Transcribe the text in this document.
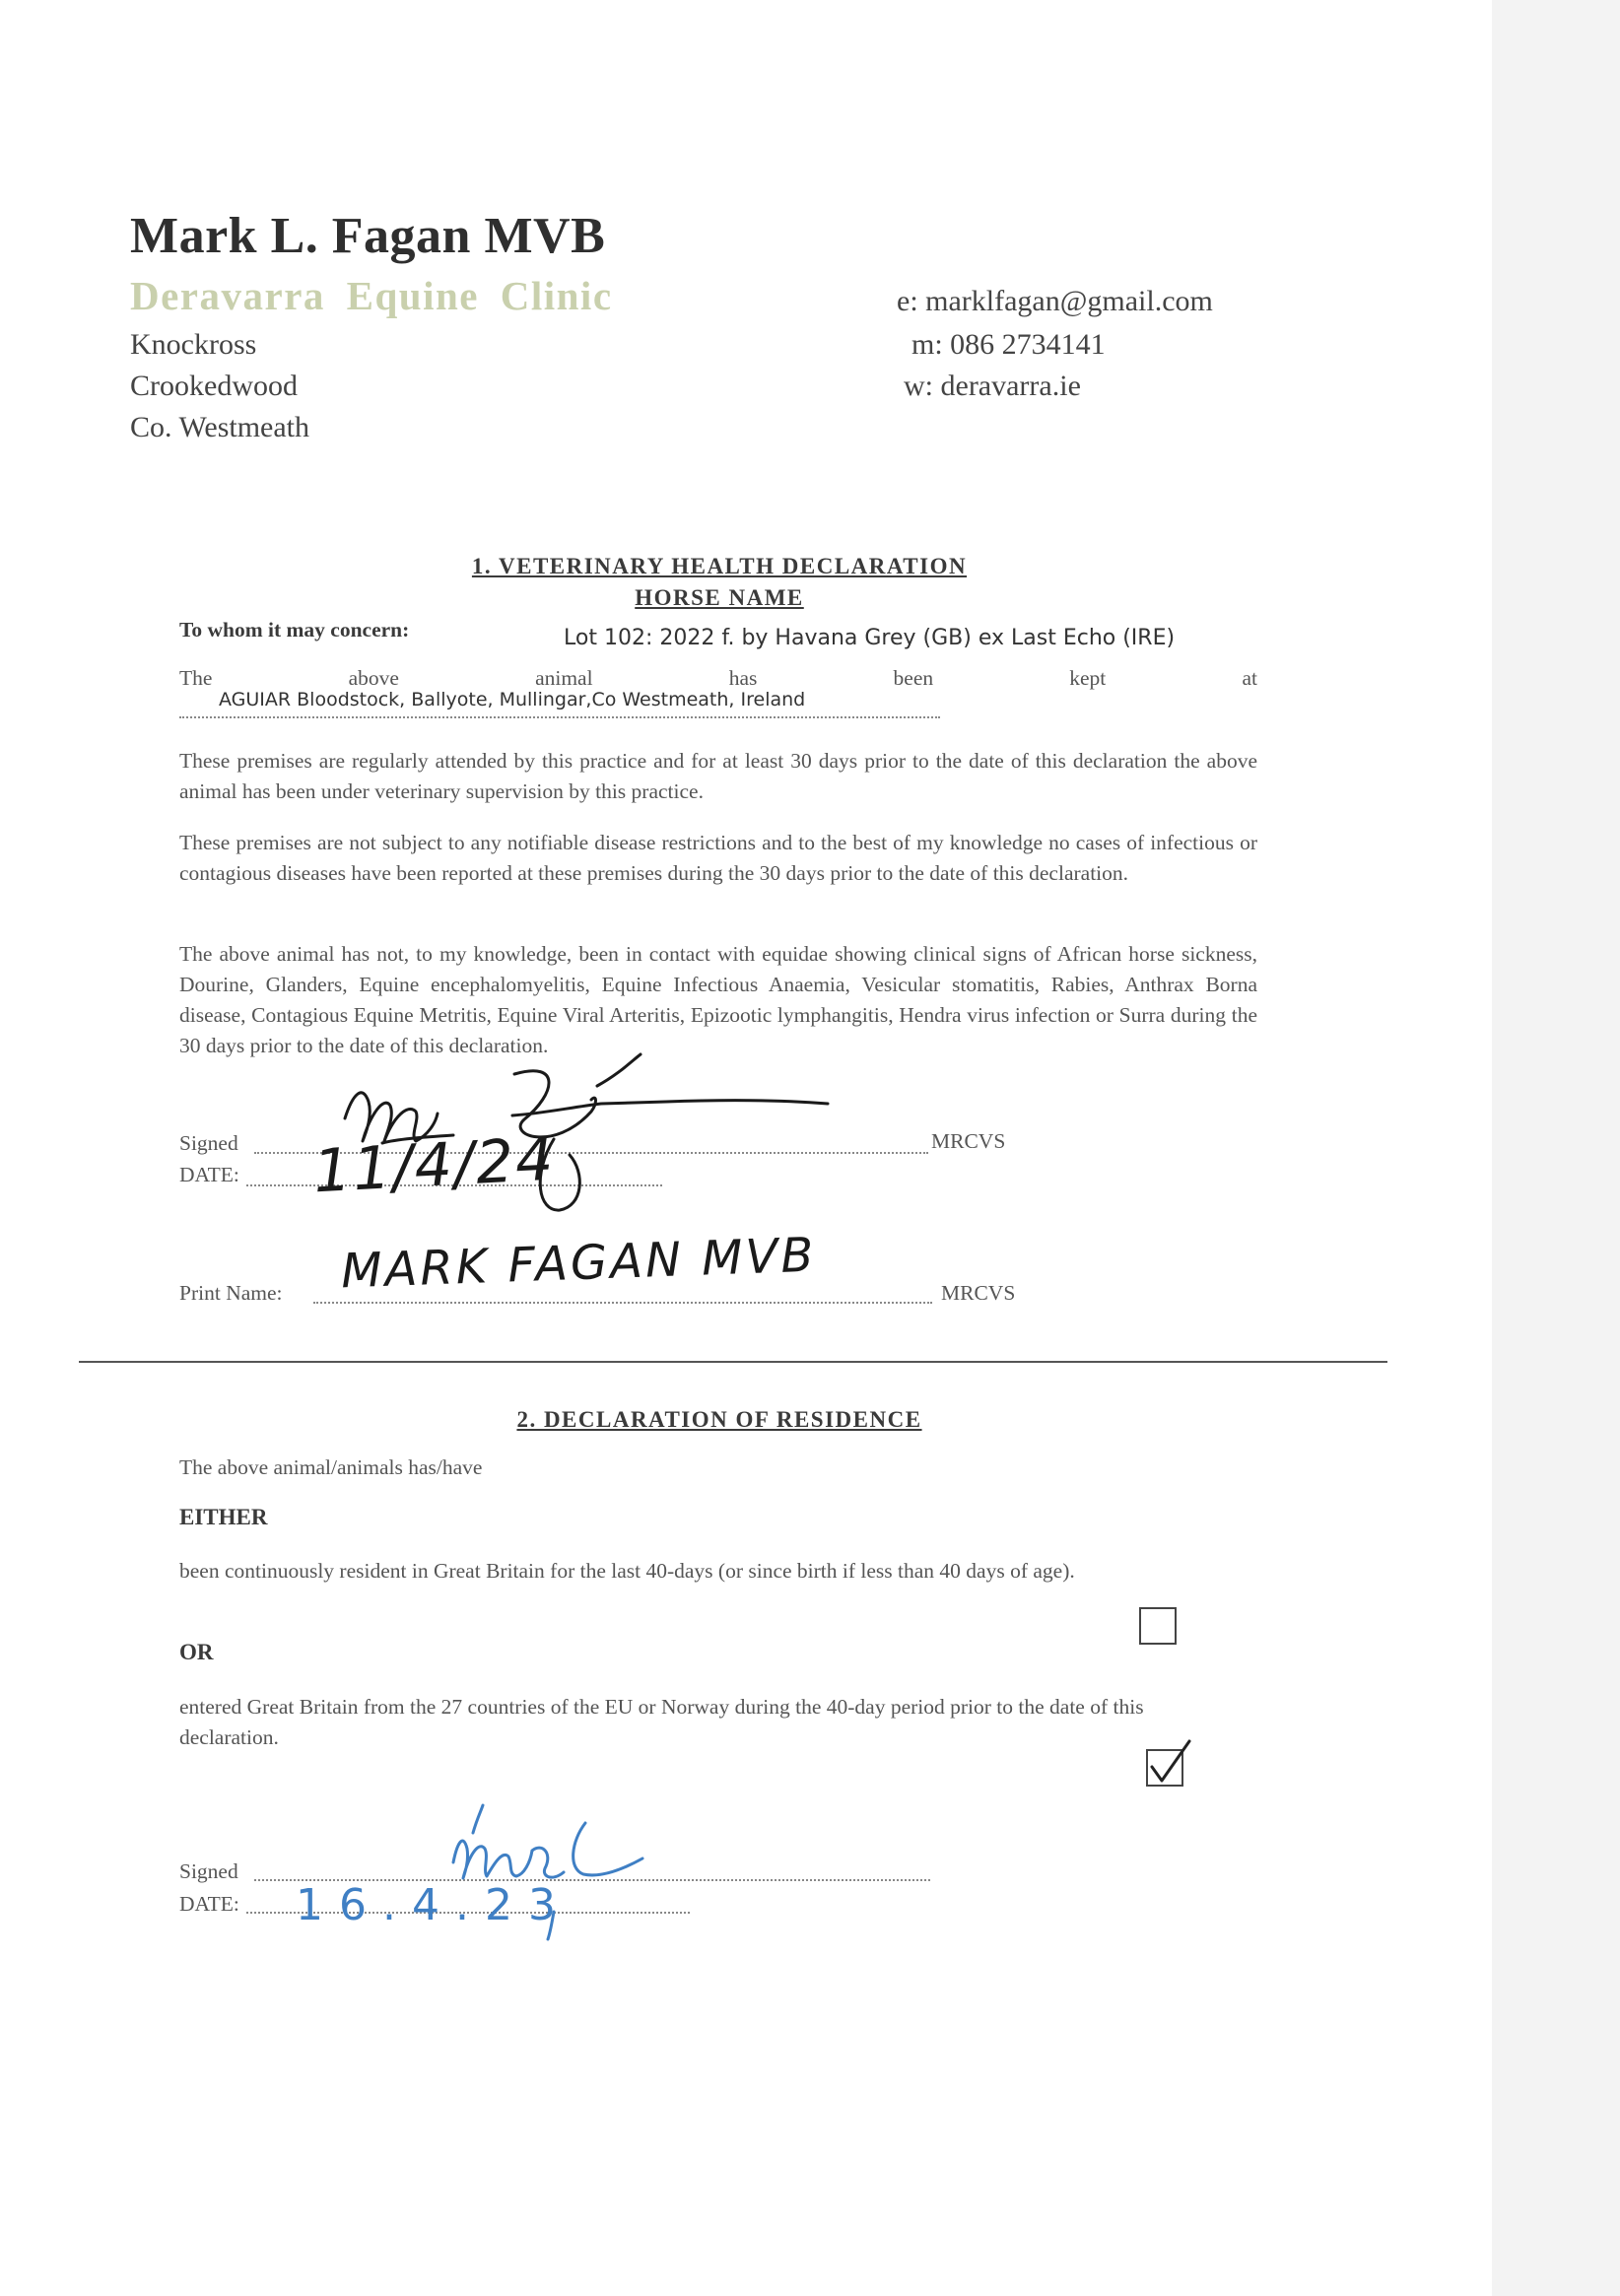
Mark L. Fagan MVB
Deravarra Equine Clinic
Knockross
Crookedwood
Co. Westmeath
e: marklfagan@gmail.com
m: 086 2734141
w: deravarra.ie
1. VETERINARY HEALTH DECLARATION
HORSE NAME
To whom it may concern:	Lot 102: 2022 f. by Havana Grey (GB) ex Last Echo (IRE)
The	above	animal	has	been	kept	at
AGUIAR Bloodstock, Ballyote, Mullingar,Co Westmeath, Ireland
These premises are regularly attended by this practice and for at least 30 days prior to the date of this declaration the above animal has been under veterinary supervision by this practice.
These premises are not subject to any notifiable disease restrictions and to the best of my knowledge no cases of infectious or contagious diseases have been reported at these premises during the 30 days prior to the date of this declaration.
The above animal has not, to my knowledge, been in contact with equidae showing clinical signs of African horse sickness, Dourine, Glanders, Equine encephalomyelitis, Equine Infectious Anaemia, Vesicular stomatitis, Rabies, Anthrax Borna disease, Contagious Equine Metritis, Equine Viral Arteritis, Epizootic lymphangitis, Hendra virus infection or Surra during the 30 days prior to the date of this declaration.
Signed	MRCVS
DATE: 11/4/24
Print Name: MARK FAGAN MVB	MRCVS
2. DECLARATION OF RESIDENCE
The above animal/animals has/have
EITHER
been continuously resident in Great Britain for the last 40-days (or since birth if less than 40 days of age).
OR
entered Great Britain from the 27 countries of the EU or Norway during the 40-day period prior to the date of this declaration.
Signed
DATE: 16.4.23
